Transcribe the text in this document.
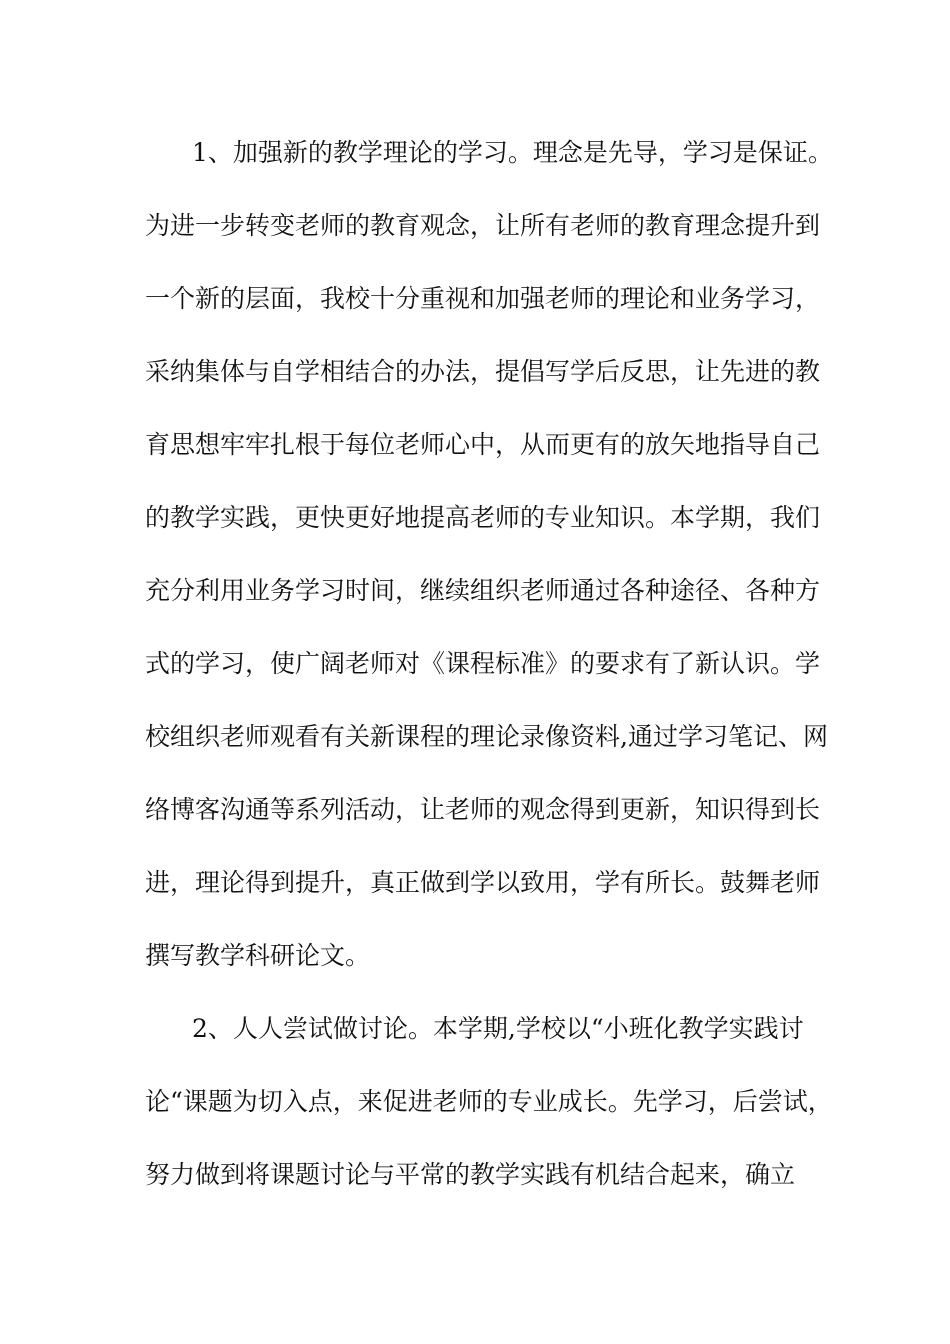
1、加强新的教学理论的学习。理念是先导，学习是保证。
为进一步转变老师的教育观念，让所有老师的教育理念提升到
一个新的层面，我校十分重视和加强老师的理论和业务学习，
采纳集体与自学相结合的办法，提倡写学后反思，让先进的教
育思想牢牢扎根于每位老师心中，从而更有的放矢地指导自己
的教学实践，更快更好地提高老师的专业知识。本学期，我们
充分利用业务学习时间，继续组织老师通过各种途径、各种方
式的学习，使广阔老师对《课程标准》的要求有了新认识。学
校组织老师观看有关新课程的理论录像资料,通过学习笔记、网
络博客沟通等系列活动，让老师的观念得到更新，知识得到长
进，理论得到提升，真正做到学以致用，学有所长。鼓舞老师
撰写教学科研论文。
2、人人尝试做讨论。本学期,学校以“小班化教学实践讨
论“课题为切入点，来促进老师的专业成长。先学习，后尝试，
努力做到将课题讨论与平常的教学实践有机结合起来，确立
